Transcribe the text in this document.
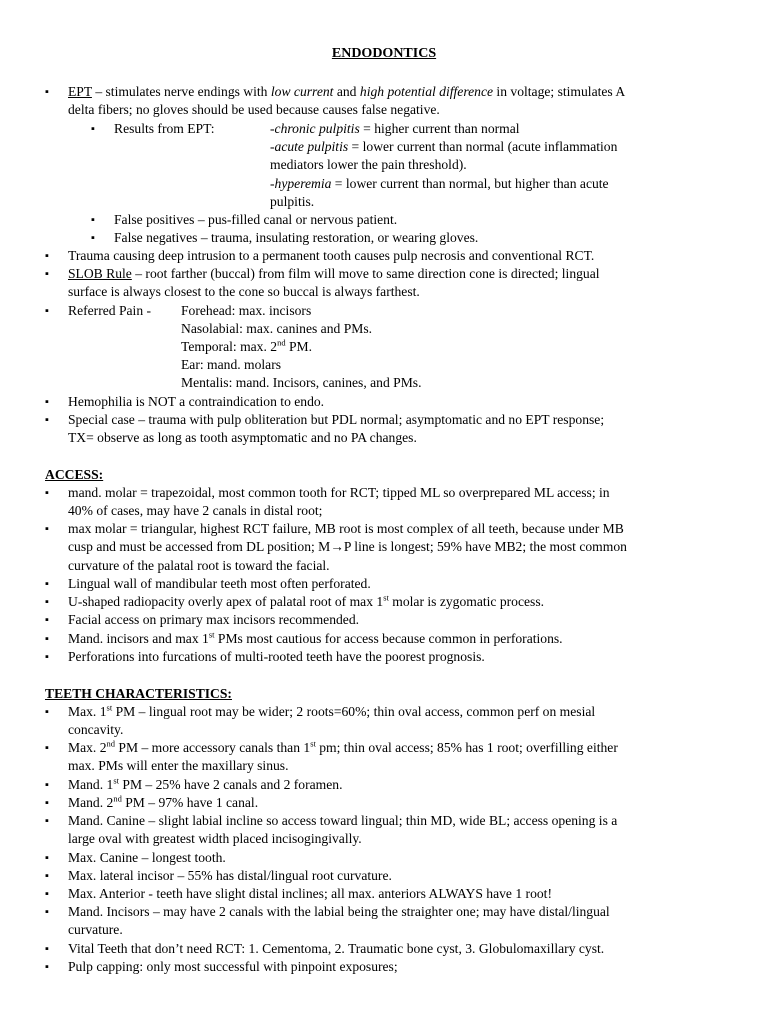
ENDODONTICS
▪ EPT – stimulates nerve endings with low current and high potential difference in voltage; stimulates A
delta fibers; no gloves should be used because causes false negative.
▪ Results from EPT:	-chronic pulpitis = higher current than normal
-acute pulpitis = lower current than normal (acute inflammation
mediators lower the pain threshold).
-hyperemia = lower current than normal, but higher than acute
pulpitis.
▪ False positives – pus-filled canal or nervous patient.
▪ False negatives – trauma, insulating restoration, or wearing gloves.
▪ Trauma causing deep intrusion to a permanent tooth causes pulp necrosis and conventional RCT.
▪ SLOB Rule – root farther (buccal) from film will move to same direction cone is directed; lingual
surface is always closest to the cone so buccal is always farthest.
▪ Referred Pain -	Forehead: max. incisors
Nasolabial: max. canines and PMs.
Temporal: max. 2nd PM.
Ear: mand. molars
Mentalis: mand. Incisors, canines, and PMs.
▪ Hemophilia is NOT a contraindication to endo.
▪ Special case – trauma with pulp obliteration but PDL normal; asymptomatic and no EPT response;
TX= observe as long as tooth asymptomatic and no PA changes.
ACCESS:
▪ mand. molar = trapezoidal, most common tooth for RCT; tipped ML so overprepared ML access; in
40% of cases, may have 2 canals in distal root;
▪ max molar = triangular, highest RCT failure, MB root is most complex of all teeth, because under MB
cusp and must be accessed from DL position; M→P line is longest; 59% have MB2; the most common
curvature of the palatal root is toward the facial.
▪ Lingual wall of mandibular teeth most often perforated.
▪ U-shaped radiopacity overly apex of palatal root of max 1st molar is zygomatic process.
▪ Facial access on primary max incisors recommended.
▪ Mand. incisors and max 1st PMs most cautious for access because common in perforations.
▪ Perforations into furcations of multi-rooted teeth have the poorest prognosis.
TEETH CHARACTERISTICS:
▪ Max. 1st PM – lingual root may be wider; 2 roots=60%; thin oval access, common perf on mesial
concavity.
▪ Max. 2nd PM – more accessory canals than 1st pm; thin oval access; 85% has 1 root; overfilling either
max. PMs will enter the maxillary sinus.
▪ Mand. 1st PM – 25% have 2 canals and 2 foramen.
▪ Mand. 2nd PM – 97% have 1 canal.
▪ Mand. Canine – slight labial incline so access toward lingual; thin MD, wide BL; access opening is a
large oval with greatest width placed incisogingivally.
▪ Max. Canine – longest tooth.
▪ Max. lateral incisor – 55% has distal/lingual root curvature.
▪ Max. Anterior - teeth have slight distal inclines; all max. anteriors ALWAYS have 1 root!
▪ Mand. Incisors – may have 2 canals with the labial being the straighter one; may have distal/lingual
curvature.
▪ Vital Teeth that don’t need RCT: 1. Cementoma, 2. Traumatic bone cyst, 3. Globulomaxillary cyst.
▪ Pulp capping: only most successful with pinpoint exposures;
